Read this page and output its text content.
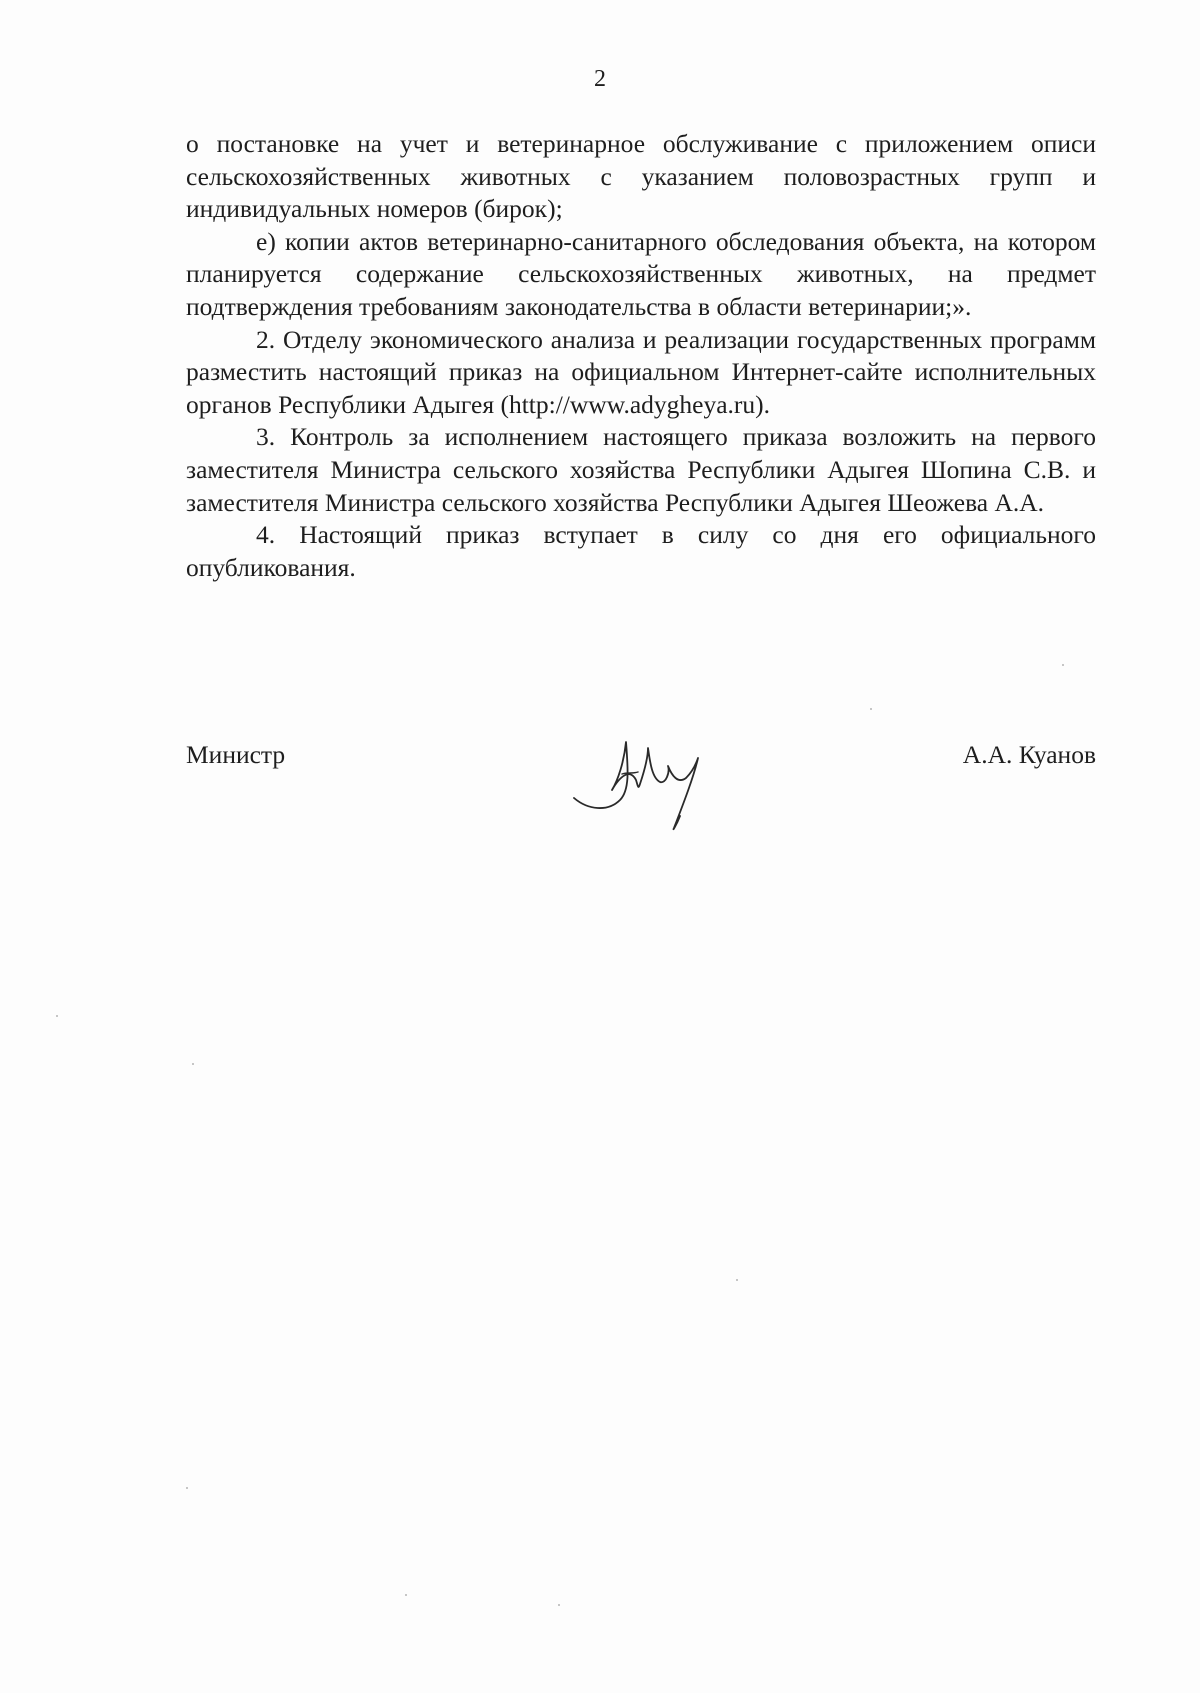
2

о постановке на учет и ветеринарное обслуживание с приложением описи сельскохозяйственных животных с указанием половозрастных групп и индивидуальных номеров (бирок);

е) копии актов ветеринарно-санитарного обследования объекта, на котором планируется содержание сельскохозяйственных животных, на предмет подтверждения требованиям законодательства в области ветеринарии;».

2. Отделу экономического анализа и реализации государственных программ разместить настоящий приказ на официальном Интернет-сайте исполнительных органов Республики Адыгея (http://www.adygheya.ru).

3. Контроль за исполнением настоящего приказа возложить на первого заместителя Министра сельского хозяйства Республики Адыгея Шопина С.В. и заместителя Министра сельского хозяйства Республики Адыгея Шеожева А.А.

4. Настоящий приказ вступает в силу со дня его официального опубликования.

Министр	А.А. Куанов
